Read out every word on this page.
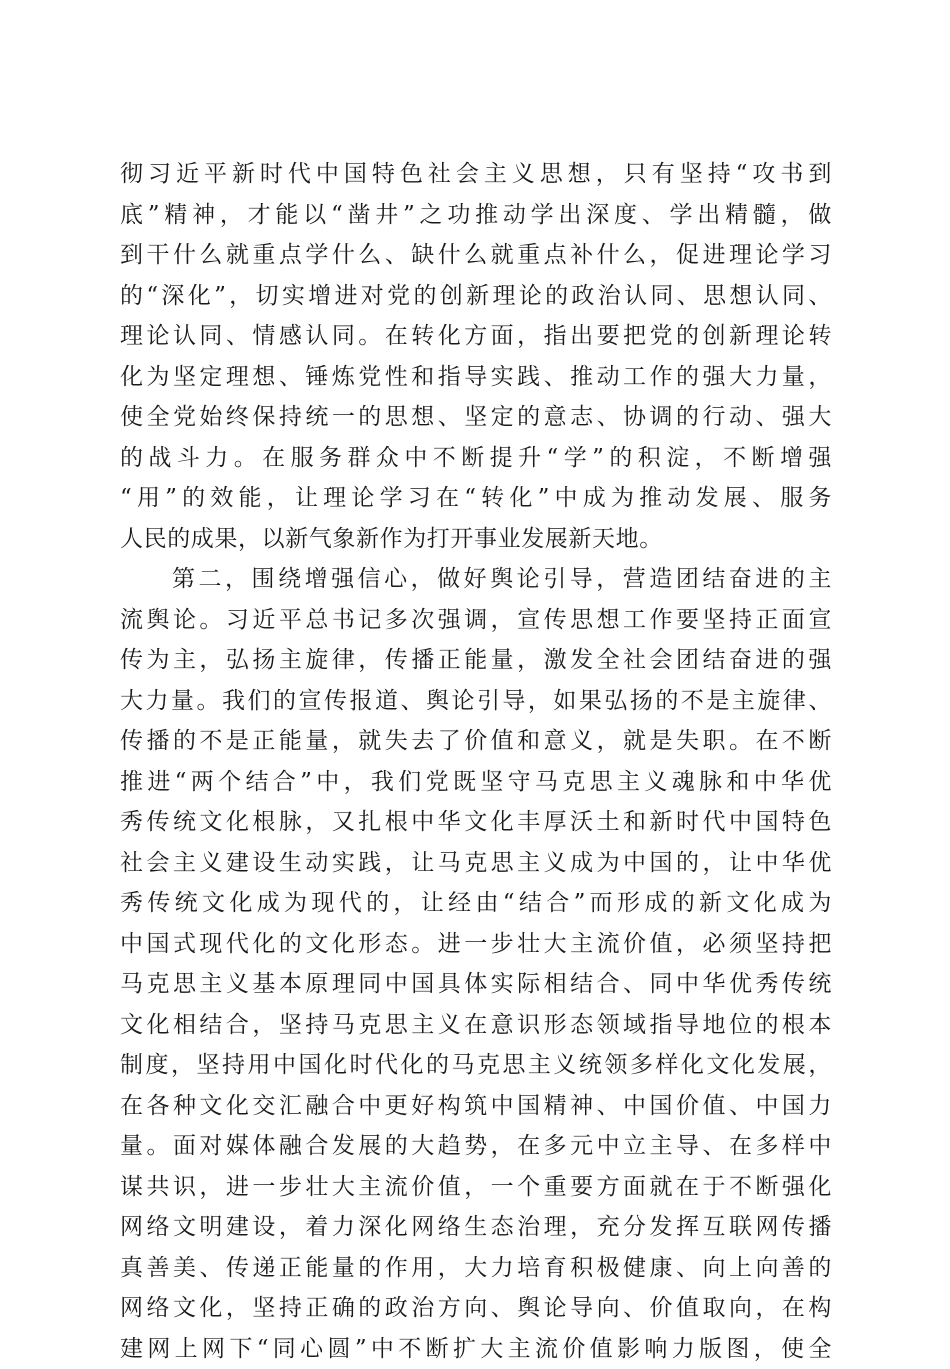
彻习近平新时代中国特色社会主义思想，只有坚持“攻书到
底”精神，才能以“凿井”之功推动学出深度、学出精髓，做
到干什么就重点学什么、缺什么就重点补什么，促进理论学习
的“深化”，切实增进对党的创新理论的政治认同、思想认同、
理论认同、情感认同。在转化方面，指出要把党的创新理论转
化为坚定理想、锤炼党性和指导实践、推动工作的强大力量，
使全党始终保持统一的思想、坚定的意志、协调的行动、强大
的战斗力。在服务群众中不断提升“学”的积淀，不断增强
“用”的效能，让理论学习在“转化”中成为推动发展、服务
人民的成果，以新气象新作为打开事业发展新天地。
第二，围绕增强信心，做好舆论引导，营造团结奋进的主
流舆论。习近平总书记多次强调，宣传思想工作要坚持正面宣
传为主，弘扬主旋律，传播正能量，激发全社会团结奋进的强
大力量。我们的宣传报道、舆论引导，如果弘扬的不是主旋律、
传播的不是正能量，就失去了价值和意义，就是失职。在不断
推进“两个结合”中，我们党既坚守马克思主义魂脉和中华优
秀传统文化根脉，又扎根中华文化丰厚沃土和新时代中国特色
社会主义建设生动实践，让马克思主义成为中国的，让中华优
秀传统文化成为现代的，让经由“结合”而形成的新文化成为
中国式现代化的文化形态。进一步壮大主流价值，必须坚持把
马克思主义基本原理同中国具体实际相结合、同中华优秀传统
文化相结合，坚持马克思主义在意识形态领域指导地位的根本
制度，坚持用中国化时代化的马克思主义统领多样化文化发展，
在各种文化交汇融合中更好构筑中国精神、中国价值、中国力
量。面对媒体融合发展的大趋势，在多元中立主导、在多样中
谋共识，进一步壮大主流价值，一个重要方面就在于不断强化
网络文明建设，着力深化网络生态治理，充分发挥互联网传播
真善美、传递正能量的作用，大力培育积极健康、向上向善的
网络文化，坚持正确的政治方向、舆论导向、价值取向，在构
建网上网下“同心圆”中不断扩大主流价值影响力版图，使全
